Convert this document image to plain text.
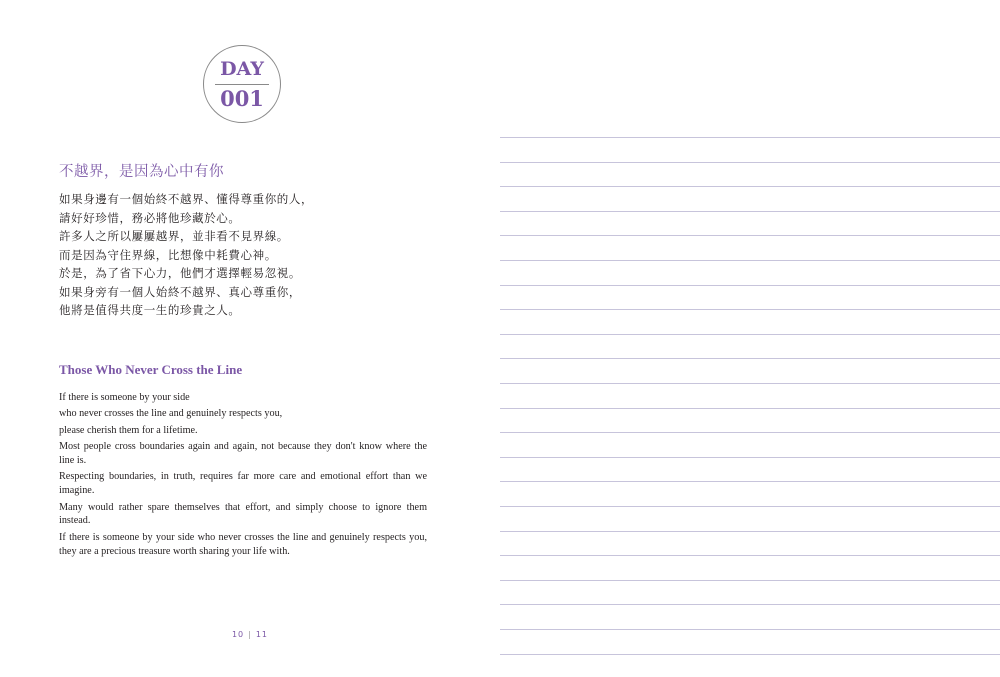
DAY
001
不越界，是因為心中有你
如果身邊有一個始終不越界、懂得尊重你的人，
請好好珍惜，務必將他珍藏於心。
許多人之所以屢屢越界，並非看不見界線。
而是因為守住界線，比想像中耗費心神。
於是，為了省下心力，他們才選擇輕易忽視。
如果身旁有一個人始終不越界、真心尊重你，
他將是值得共度一生的珍貴之人。
Those Who Never Cross the Line

If there is someone by your side

who never crosses the line and genuinely respects you,

please cherish them for a lifetime.

Most people cross boundaries again and again, not because they don't know where the line is.

Respecting boundaries, in truth, requires far more care and emotional effort than we imagine.

Many would rather spare themselves that effort, and simply choose to ignore them instead.

If there is someone by your side who never crosses the line and genuinely respects you, they are a precious treasure worth sharing your life with.

10 | 11
